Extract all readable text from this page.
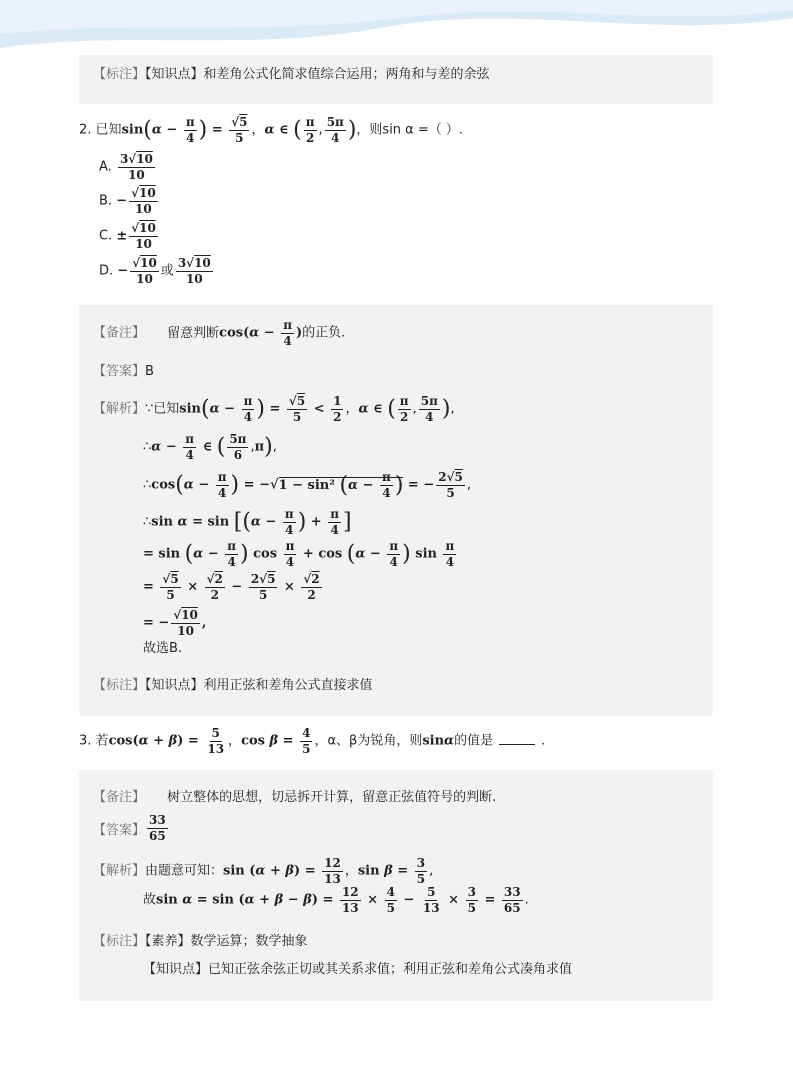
【标注】【知识点】和差角公式化简求值综合运用；两角和与差的余弦
2. 已知$\sin(\alpha - \frac{\pi}{4}$ ) = $\frac{√5}{5}$ ，α ∈ ( $\frac{\pi}{2}$ , $\frac{5\pi}{4}$ )，则sin α =（ ）.
A. $\frac{3√10}{10}$
B. − $\frac{√10}{10}$
C. ± $\frac{√10}{10}$
D. − $\frac{√10}{10}$ 或 $\frac{3√10}{10}$
【备注】 留意判断$\cos(\alpha - \frac{\pi}{4}$ )的正负.
【答案】B
【解析】∵已知$\sin(\alpha - \frac{\pi}{4}$ ) = $\frac{√5}{5} < \frac{1}{2}$ ，α ∈ ( $\frac{\pi}{2}$ , $\frac{5\pi}{4}$ ),
∴α − $\frac{\pi}{4}$ ∈ ( $\frac{5\pi}{6} ,\pi$),
∴cos(α − $\frac{\pi}{4}$ ) = −√1 − sin² ($\alpha - \frac{\pi}{4}$ ) = − $\frac{2√5}{5}$ ,
∴sin $\alpha = \sin [(\alpha - \frac{\pi}{4}$ ) + $\frac{\pi}{4}$ ]
= $\sin (\alpha - \frac{\pi}{4}$ ) $\cos \frac{\pi}{4} + \cos (\alpha - \frac{\pi}{4}$ ) $\sin \frac{\pi}{4}$
= $\frac{√5}{5} \times \frac{√2}{2} - \frac{2√5}{5} \times \frac{√2}{2}$
= − $\frac{√10}{10}$ ,
故选B.
【标注】【知识点】利用正弦和差角公式直接求值
3. 若$\cos(\alpha + \beta) = \frac{5}{13}$ ，$\cos \beta = \frac{4}{5}$ ，α、β为锐角，则sinα的值是	.
【备注】 树立整体的思想，切忌拆开计算，留意正弦值符号的判断.
【答案】 $\frac{33}{65}$
【解析】由题意可知：$\sin (\alpha + \beta) = \frac{12}{13}$ ，$\sin \beta = \frac{3}{5}$ ,
故$\sin \alpha = \sin (\alpha + \beta - \beta) = \frac{12}{13} \times \frac{4}{5} - \frac{5}{13} \times \frac{3}{5} = \frac{33}{65}$ .
【标注】【素养】数学运算；数学抽象
【知识点】已知正弦余弦正切或其关系求值；利用正弦和差角公式凑角求值
